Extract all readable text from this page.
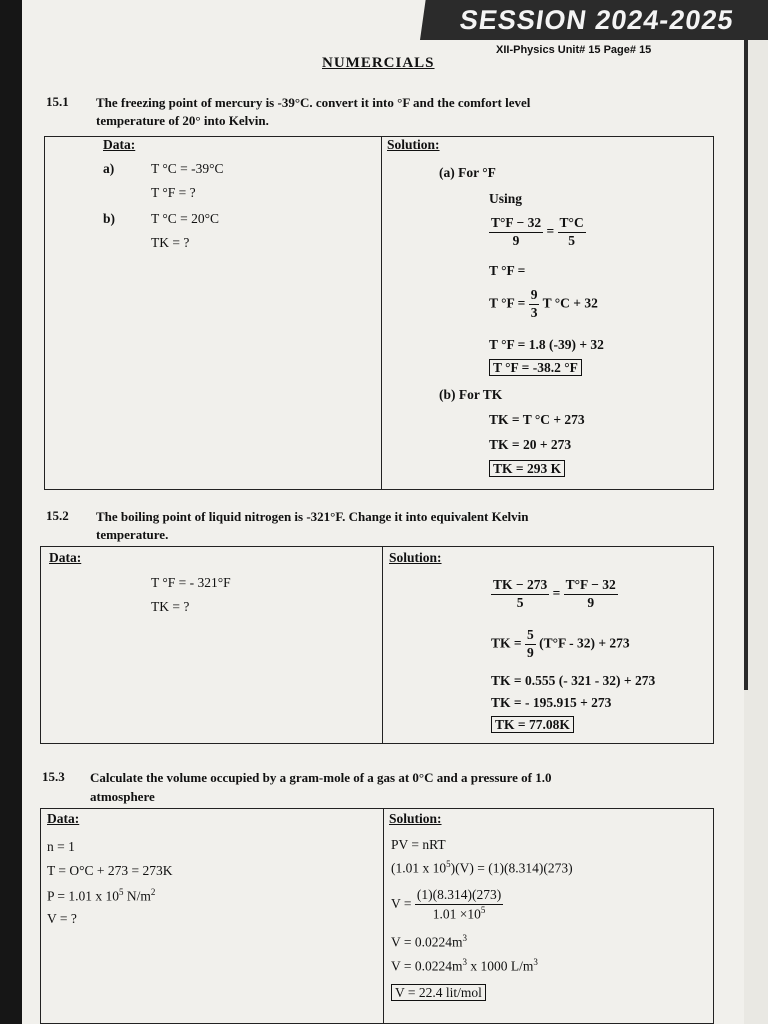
SESSION 2024-2025
XII-Physics Unit# 15 Page# 15
NUMERCIALS
15.1 The freezing point of mercury is -39°C. convert it into °F and the comfort level
temperature of 20° into Kelvin.
Data:
a)	T °C = -39°C
T °F = ?
b)	T °C = 20°C
TK = ?
Solution:
(a) For °F
Using
$\frac{T^\circ F - 32}{9} = \frac{T^\circ C}{5}$
T °F =
T $^\circ F = \frac{9}{3}$ T °C + 32
T °F = 1.8 (-39) + 32
T °F = -38.2 °F
(b) For TK
TK = T °C + 273
TK = 20 + 273
TK = 293 K
15.2 The boiling point of liquid nitrogen is -321°F. Change it into equivalent Kelvin
temperature.
Data:
T °F = - 321°F
TK = ?
Solution:
$\frac{TK - 273}{5} = \frac{T^\circ F - 32}{9}$
TK = $\frac{5}{9} (T^\circ F - 32) + 273$
TK = 0.555 (- 321 - 32) + 273
TK = - 195.915 + 273
TK = 77.08K
15.3 Calculate the volume occupied by a gram-mole of a gas at 0°C and a pressure of 1.0
atmosphere
Data:
n = 1
T = O°C + 273 = 273K
P = 1.01 x $10^5$ $N/m^2$
V = ?
Solution:
PV = nRT
(1.01 x $10^5)(V) = (1)(8.314)(273)$
$V = \frac{(1)(8.314)(273)}{1.01 \times 10^5}$
$V = 0.0224m^3$
$V = 0.0224m^3$ x 1000 $L/m^3$
V = 22.4 lit/mol
